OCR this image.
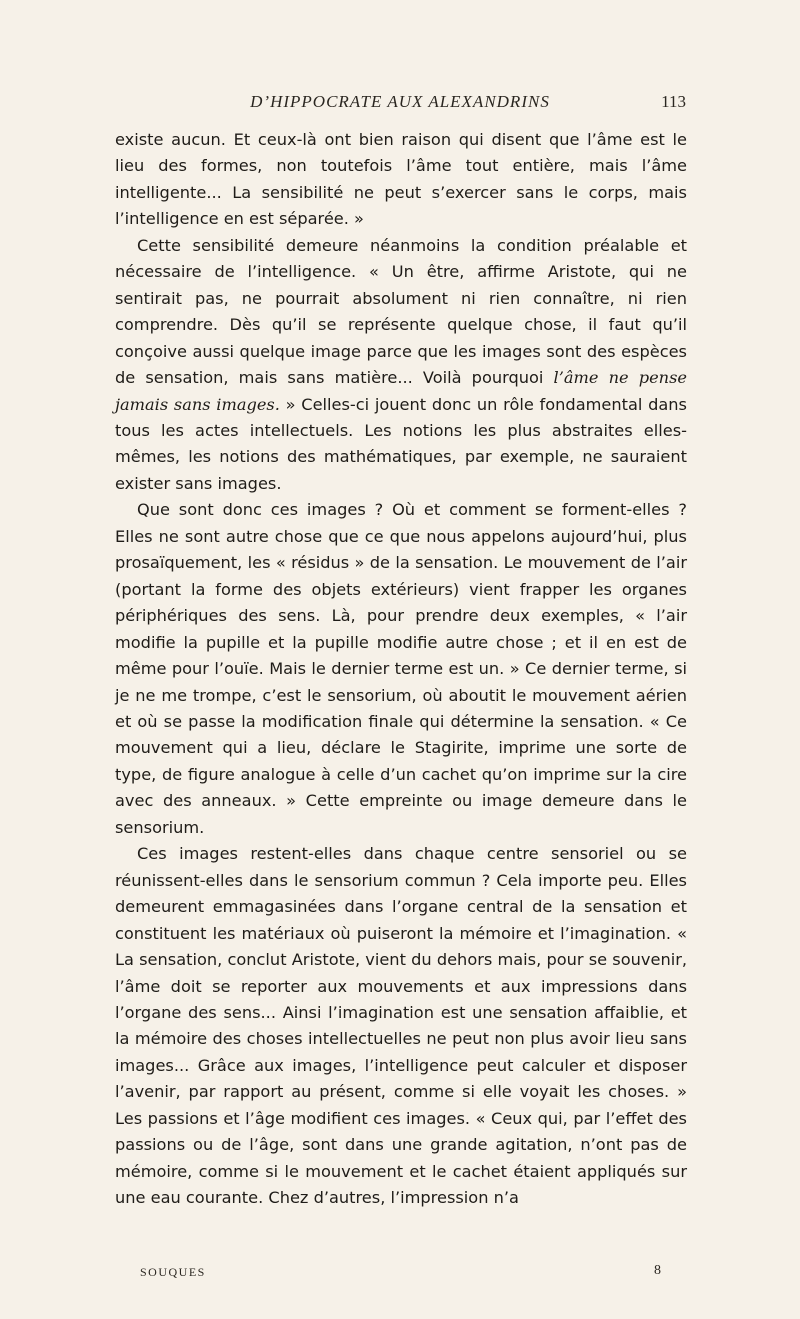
D’HIPPOCRATE AUX ALEXANDRINS	113

existe aucun. Et ceux-là ont bien raison qui disent que l’âme est le lieu des formes, non toutefois l’âme tout entière, mais l’âme intelligente... La sensibilité ne peut s’exercer sans le corps, mais l’intelligence en est séparée. »

Cette sensibilité demeure néanmoins la condition préalable et nécessaire de l’intelligence. « Un être, affirme Aristote, qui ne sentirait pas, ne pourrait absolument ni rien connaître, ni rien comprendre. Dès qu’il se représente quelque chose, il faut qu’il conçoive aussi quelque image parce que les images sont des espèces de sensation, mais sans matière... Voilà pourquoi l’âme ne pense jamais sans images. » Celles-ci jouent donc un rôle fondamental dans tous les actes intellectuels. Les notions les plus abstraites elles-mêmes, les notions des mathématiques, par exemple, ne sauraient exister sans images.

Que sont donc ces images ? Où et comment se forment-elles ? Elles ne sont autre chose que ce que nous appelons aujourd’hui, plus prosaïquement, les « résidus » de la sensation. Le mouvement de l’air (portant la forme des objets extérieurs) vient frapper les organes périphériques des sens. Là, pour prendre deux exemples, « l’air modifie la pupille et la pupille modifie autre chose ; et il en est de même pour l’ouïe. Mais le dernier terme est un. » Ce dernier terme, si je ne me trompe, c’est le sensorium, où aboutit le mouvement aérien et où se passe la modification finale qui détermine la sensation. « Ce mouvement qui a lieu, déclare le Stagirite, imprime une sorte de type, de figure analogue à celle d’un cachet qu’on imprime sur la cire avec des anneaux. » Cette empreinte ou image demeure dans le sensorium.

Ces images restent-elles dans chaque centre sensoriel ou se réunissent-elles dans le sensorium commun ? Cela importe peu. Elles demeurent emmagasinées dans l’organe central de la sensation et constituent les matériaux où puiseront la mémoire et l’imagination. « La sensation, conclut Aristote, vient du dehors mais, pour se souvenir, l’âme doit se reporter aux mouvements et aux impressions dans l’organe des sens... Ainsi l’imagination est une sensation affaiblie, et la mémoire des choses intellectuelles ne peut non plus avoir lieu sans images... Grâce aux images, l’intelligence peut calculer et disposer l’avenir, par rapport au présent, comme si elle voyait les choses. » Les passions et l’âge modifient ces images. « Ceux qui, par l’effet des passions ou de l’âge, sont dans une grande agitation, n’ont pas de mémoire, comme si le mouvement et le cachet étaient appliqués sur une eau courante. Chez d’autres, l’impression n’a

SOUQUES	8
